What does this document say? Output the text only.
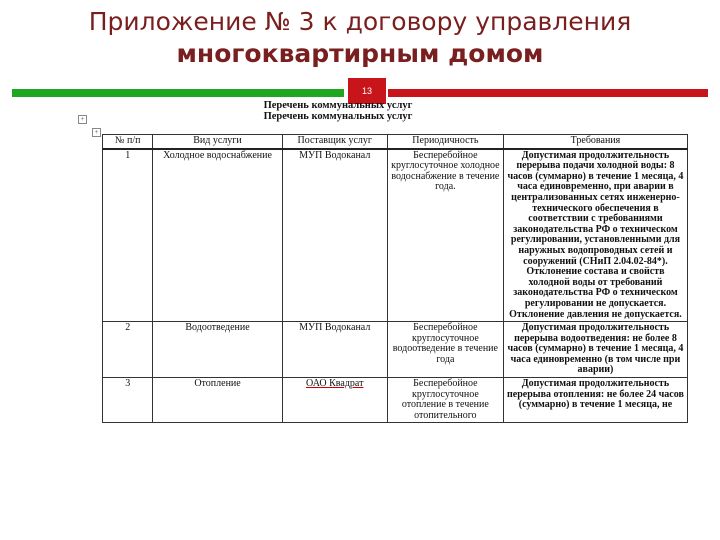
Приложение № 3 к договору управления
многоквартирным домом
13
Перечень коммунальных услуг
Перечень коммунальных услуг
+
+
№ п/п	Вид услуги	Поставщик услуг	Периодичность	Требования
1	Холодное водоснабжение	МУП Водоканал	Бесперебойное круглосуточное холодное водоснабжение в течение года.	Допустимая продолжительность перерыва подачи холодной воды: 8 часов (суммарно) в течение 1 месяца, 4 часа единовременно, при аварии в централизованных сетях инженерно-технического обеспечения в соответствии с требованиями законодательства РФ о техническом регулировании, установленными для наружных водопроводных сетей и сооружений (СНиП 2.04.02-84*). Отклонение состава и свойств холодной воды от требований законодательства РФ о техническом регулировании не допускается. Отклонение давления не допускается.
2	Водоотведение	МУП Водоканал	Бесперебойное круглосуточное водоотведение в течение года	Допустимая продолжительность перерыва водоотведения: не более 8 часов (суммарно) в течение 1 месяца, 4 часа единовременно (в том числе при аварии)
3	Отопление	ОАО Квадрат	Бесперебойное круглосуточное отопление в течение отопительного	Допустимая продолжительность перерыва отопления: не более 24 часов (суммарно) в течение 1 месяца, не
